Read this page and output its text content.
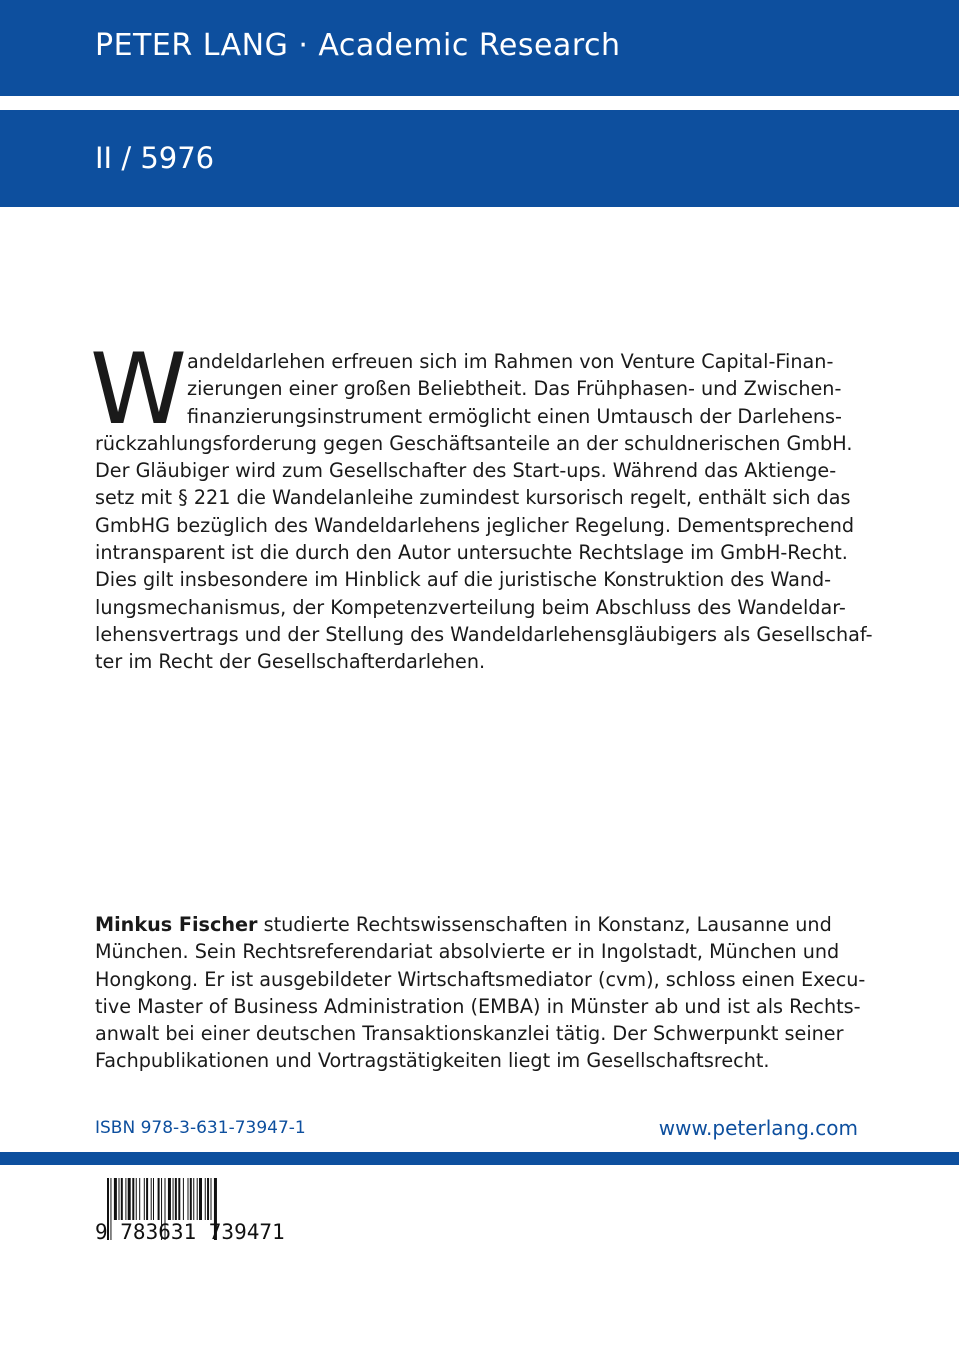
PETER LANG · Academic Research
II / 5976
W andeldarlehen erfreuen sich im Rahmen von Venture Capital-Finan-
zierungen einer großen Beliebtheit. Das Frühphasen- und Zwischen-
finanzierungsinstrument ermöglicht einen Umtausch der Darlehens-
rückzahlungsforderung gegen Geschäftsanteile an der schuldnerischen GmbH.
Der Gläubiger wird zum Gesellschafter des Start-ups. Während das Aktienge-
setz mit § 221 die Wandelanleihe zumindest kursorisch regelt, enthält sich das
GmbHG bezüglich des Wandeldarlehens jeglicher Regelung. Dementsprechend
intransparent ist die durch den Autor untersuchte Rechtslage im GmbH-Recht.
Dies gilt insbesondere im Hinblick auf die juristische Konstruktion des Wand-
lungsmechanismus, der Kompetenzverteilung beim Abschluss des Wandeldar-
lehensvertrags und der Stellung des Wandeldarlehensgläubigers als Gesellschaf-
ter im Recht der Gesellschafterdarlehen.
Minkus Fischer studierte Rechtswissenschaften in Konstanz, Lausanne und
München. Sein Rechtsreferendariat absolvierte er in Ingolstadt, München und
Hongkong. Er ist ausgebildeter Wirtschaftsmediator (cvm), schloss einen Execu-
tive Master of Business Administration (EMBA) in Münster ab und ist als Rechts-
anwalt bei einer deutschen Transaktionskanzlei tätig. Der Schwerpunkt seiner
Fachpublikationen und Vortragstätigkeiten liegt im Gesellschaftsrecht.
ISBN 978-3-631-73947-1	www.peterlang.com
9 783631 739471
